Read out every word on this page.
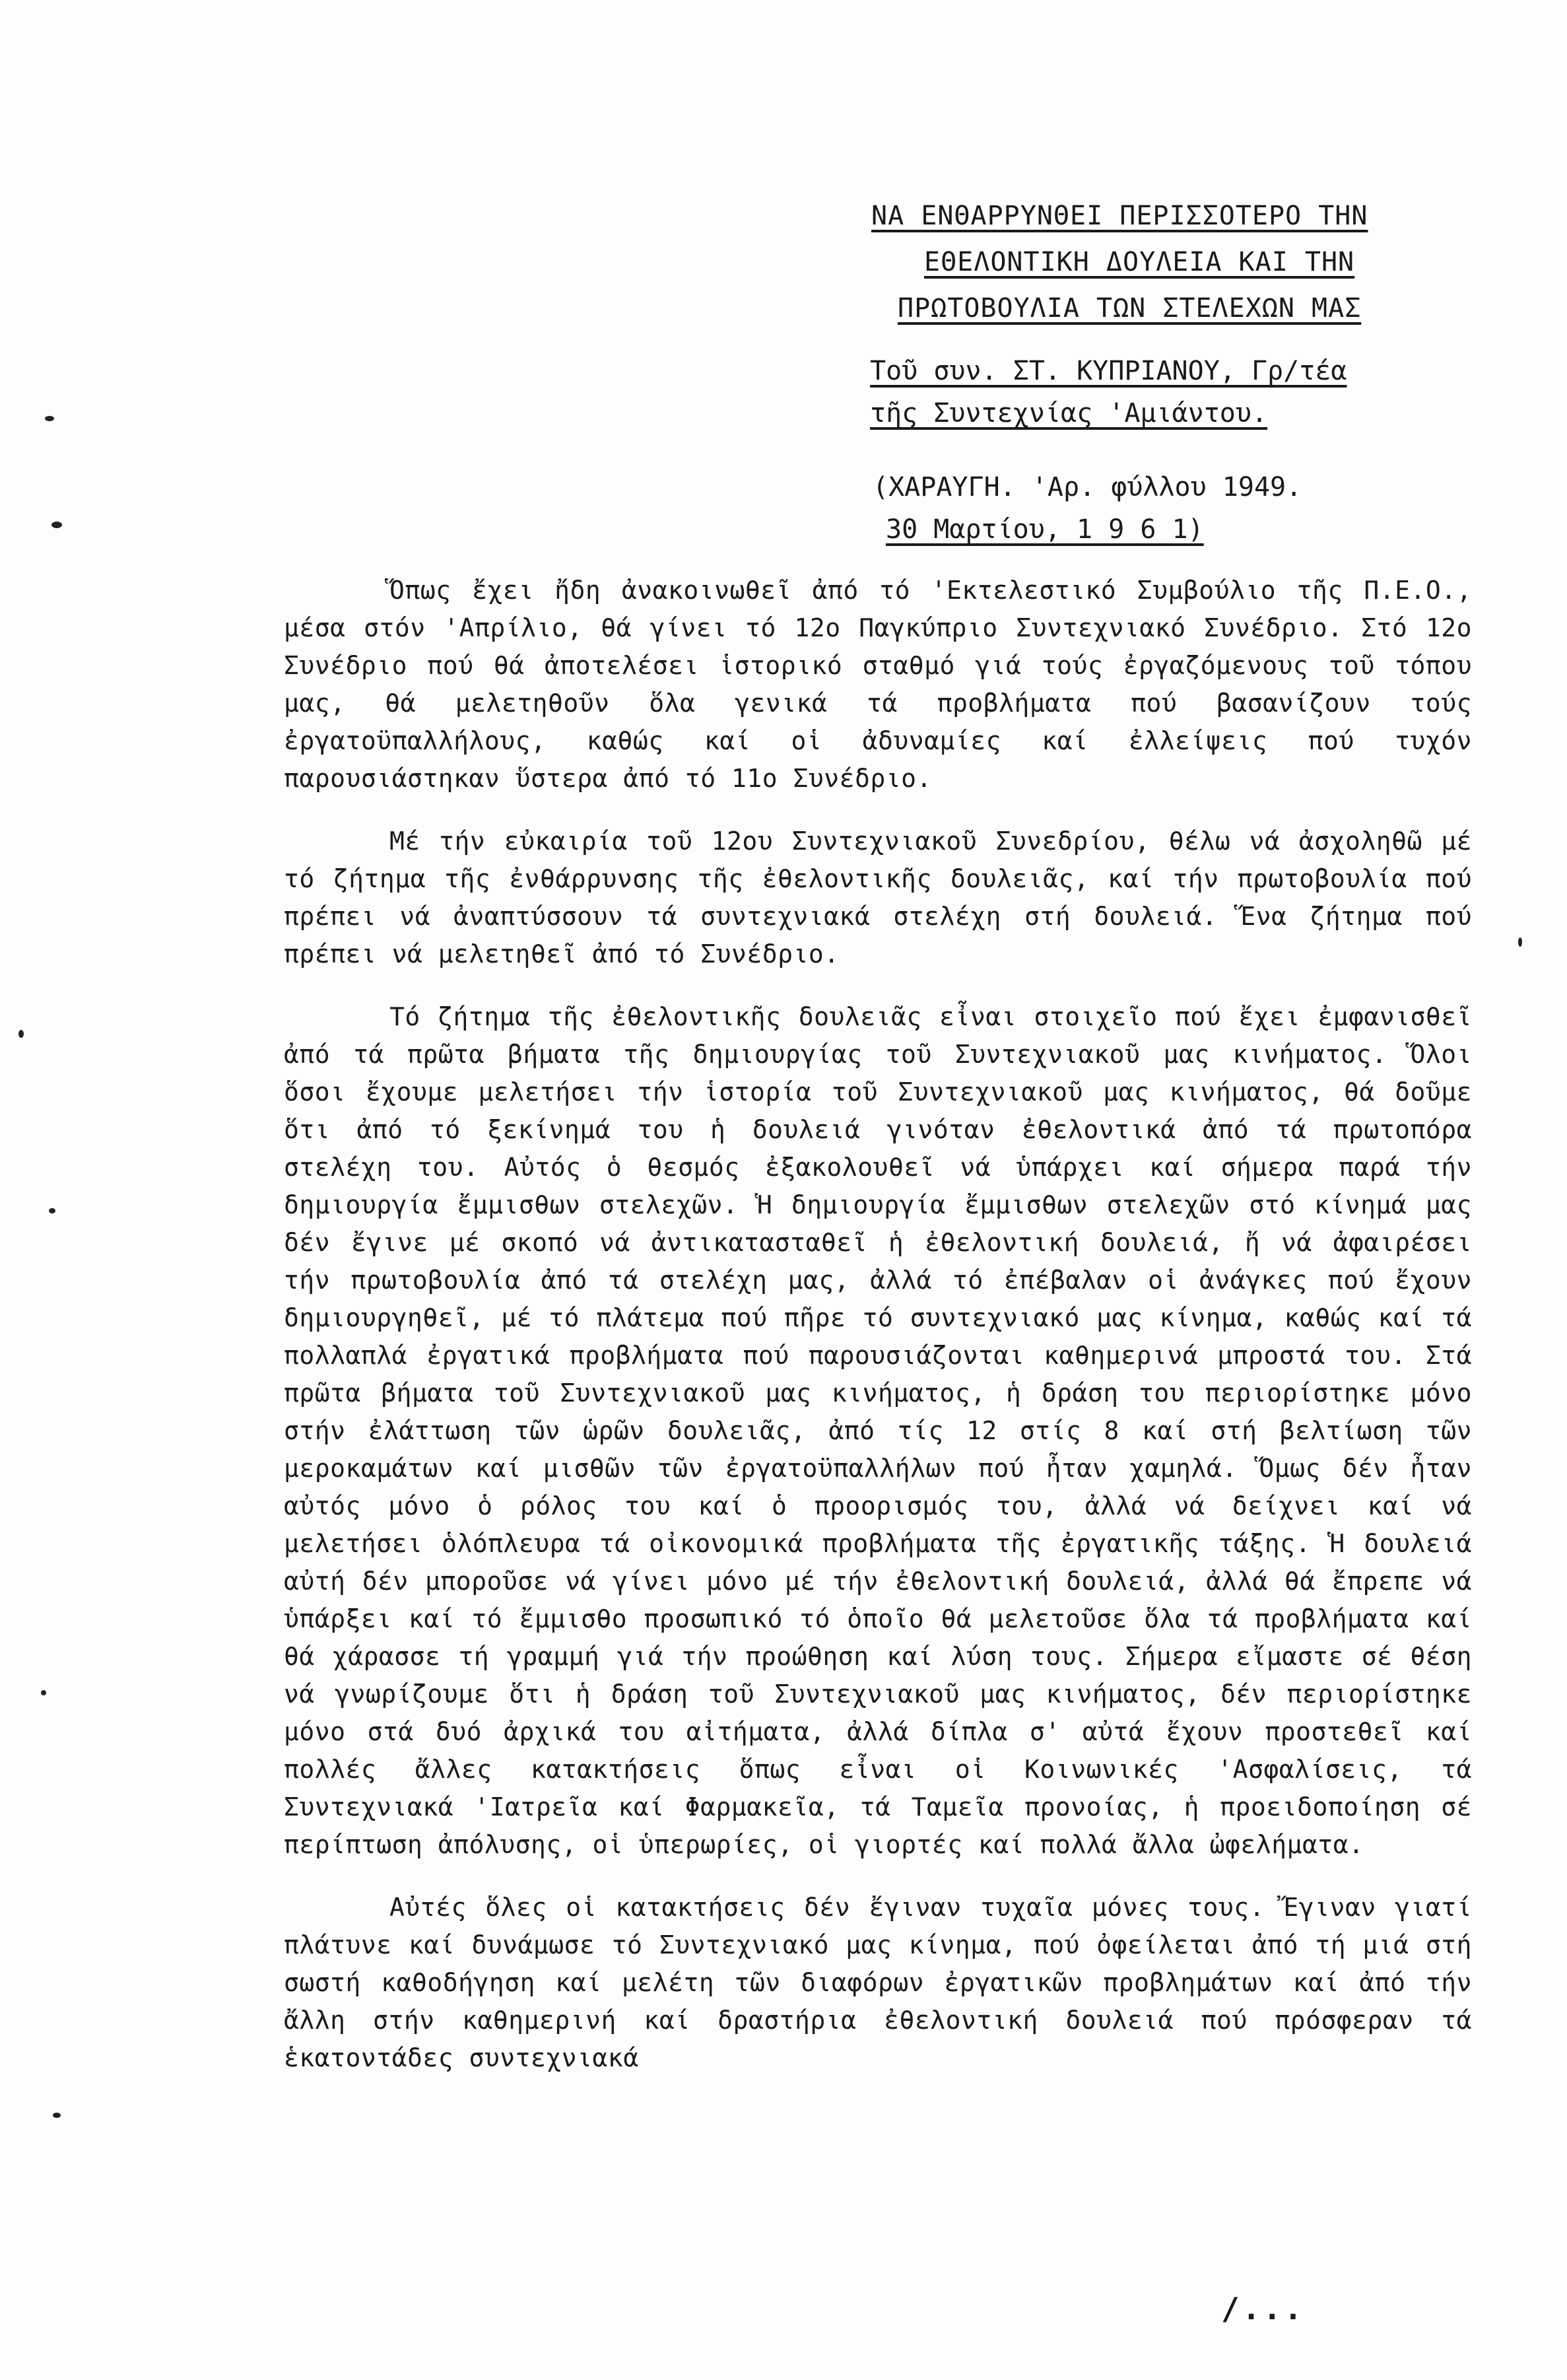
ΝΑ ΕΝΘΑΡΡΥΝΘΕΙ ΠΕΡΙΣΣΟΤΕΡΟ ΤΗΝ
ΕΘΕΛΟΝΤΙΚΗ ΔΟΥΛΕΙΑ ΚΑΙ ΤΗΝ
ΠΡΩΤΟΒΟΥΛΙΑ ΤΩΝ ΣΤΕΛΕΧΩΝ ΜΑΣ
Τοῦ συν. ΣΤ. ΚΥΠΡΙΑΝΟΥ, Γρ/τέα
τῆς Συντεχνίας 'Αμιάντου.
(ΧΑΡΑΥΓΗ. 'Αρ. φύλλου 1949.
30 Μαρτίου, 1 9 6 1)

Ὅπως ἔχει ἤδη ἀνακοινωθεῖ ἀπό τό 'Εκτελεστικό Συμβούλιο τῆς Π.Ε.Ο., μέσα στόν 'Απρίλιο, θά γίνει τό 12ο Παγκύπριο Συντεχνιακό Συνέδριο. Στό 12ο Συνέδριο πού θά ἀποτελέσει ἱστορικό σταθμό γιά τούς ἐργαζόμενους τοῦ τόπου μας, θά μελετηθοῦν ὅλα γενικά τά προβλήματα πού βασανίζουν τούς ἐργατοϋπαλλήλους, καθώς καί οἱ ἀδυναμίες καί ἐλλείψεις πού τυχόν παρουσιάστηκαν ὕστερα ἀπό τό 11ο Συνέδριο.

Μέ τήν εὐκαιρία τοῦ 12ου Συντεχνιακοῦ Συνεδρίου, θέλω νά ἀσχοληθῶ μέ τό ζήτημα τῆς ἐνθάρρυνσης τῆς ἐθελοντικῆς δουλειᾶς, καί τήν πρωτοβουλία πού πρέπει νά ἀναπτύσσουν τά συντεχνιακά στελέχη στή δουλειά. Ἕνα ζήτημα πού πρέπει νά μελετηθεῖ ἀπό τό Συνέδριο.

Τό ζήτημα τῆς ἐθελοντικῆς δουλειᾶς εἶναι στοιχεῖο πού ἔχει ἐμφανισθεῖ ἀπό τά πρῶτα βήματα τῆς δημιουργίας τοῦ Συντεχνιακοῦ μας κινήματος. Ὅλοι ὅσοι ἔχουμε μελετήσει τήν ἱστορία τοῦ Συντεχνιακοῦ μας κινήματος, θά δοῦμε ὅτι ἀπό τό ξεκίνημά του ἡ δουλειά γινόταν ἐθελοντικά ἀπό τά πρωτοπόρα στελέχη του. Αὐτός ὁ θεσμός ἐξακολουθεῖ νά ὑπάρχει καί σήμερα παρά τήν δημιουργία ἔμμισθων στελεχῶν. Ἡ δημιουργία ἔμμισθων στελεχῶν στό κίνημά μας δέν ἔγινε μέ σκοπό νά ἀντικατασταθεῖ ἡ ἐθελοντική δουλειά, ἤ νά ἀφαιρέσει τήν πρωτοβουλία ἀπό τά στελέχη μας, ἀλλά τό ἐπέβαλαν οἱ ἀνάγκες πού ἔχουν δημιουργηθεῖ, μέ τό πλάτεμα πού πῆρε τό συντεχνιακό μας κίνημα, καθώς καί τά πολλαπλά ἐργατικά προβλήματα πού παρουσιάζονται καθημερινά μπροστά του. Στά πρῶτα βήματα τοῦ Συντεχνιακοῦ μας κινήματος, ἡ δράση του περιορίστηκε μόνο στήν ἐλάττωση τῶν ὡρῶν δουλειᾶς, ἀπό τίς 12 στίς 8 καί στή βελτίωση τῶν μεροκαμάτων καί μισθῶν τῶν ἐργατοϋπαλλήλων πού ἦταν χαμηλά. Ὅμως δέν ἦταν αὐτός μόνο ὁ ρόλος του καί ὁ προορισμός του, ἀλλά νά δείχνει καί νά μελετήσει ὁλόπλευρα τά οἰκονομικά προβλήματα τῆς ἐργατικῆς τάξης. Ἡ δουλειά αὐτή δέν μποροῦσε νά γίνει μόνο μέ τήν ἐθελοντική δουλειά, ἀλλά θά ἔπρεπε νά ὑπάρξει καί τό ἔμμισθο προσωπικό τό ὁποῖο θά μελετοῦσε ὅλα τά προβλήματα καί θά χάρασσε τή γραμμή γιά τήν προώθηση καί λύση τους. Σήμερα εἴμαστε σέ θέση νά γνωρίζουμε ὅτι ἡ δράση τοῦ Συντεχνιακοῦ μας κινήματος, δέν περιορίστηκε μόνο στά δυό ἀρχικά του αἰτήματα, ἀλλά δίπλα σ' αὐτά ἔχουν προστεθεῖ καί πολλές ἄλλες κατακτήσεις ὅπως εἶναι οἱ Κοινωνικές 'Ασφαλίσεις, τά Συντεχνιακά 'Ιατρεῖα καί Φαρμακεῖα, τά Ταμεῖα προνοίας, ἡ προειδοποίηση σέ περίπτωση ἀπόλυσης, οἱ ὑπερωρίες, οἱ γιορτές καί πολλά ἄλλα ὠφελήματα.

Αὐτές ὅλες οἱ κατακτήσεις δέν ἔγιναν τυχαῖα μόνες τους. Ἔγιναν γιατί πλάτυνε καί δυνάμωσε τό Συντεχνιακό μας κίνημα, πού ὀφείλεται ἀπό τή μιά στή σωστή καθοδήγηση καί μελέτη τῶν διαφόρων ἐργατικῶν προβλημάτων καί ἀπό τήν ἄλλη στήν καθημερινή καί δραστήρια ἐθελοντική δουλειά πού πρόσφεραν τά ἑκατοντάδες συντεχνιακά

/...
